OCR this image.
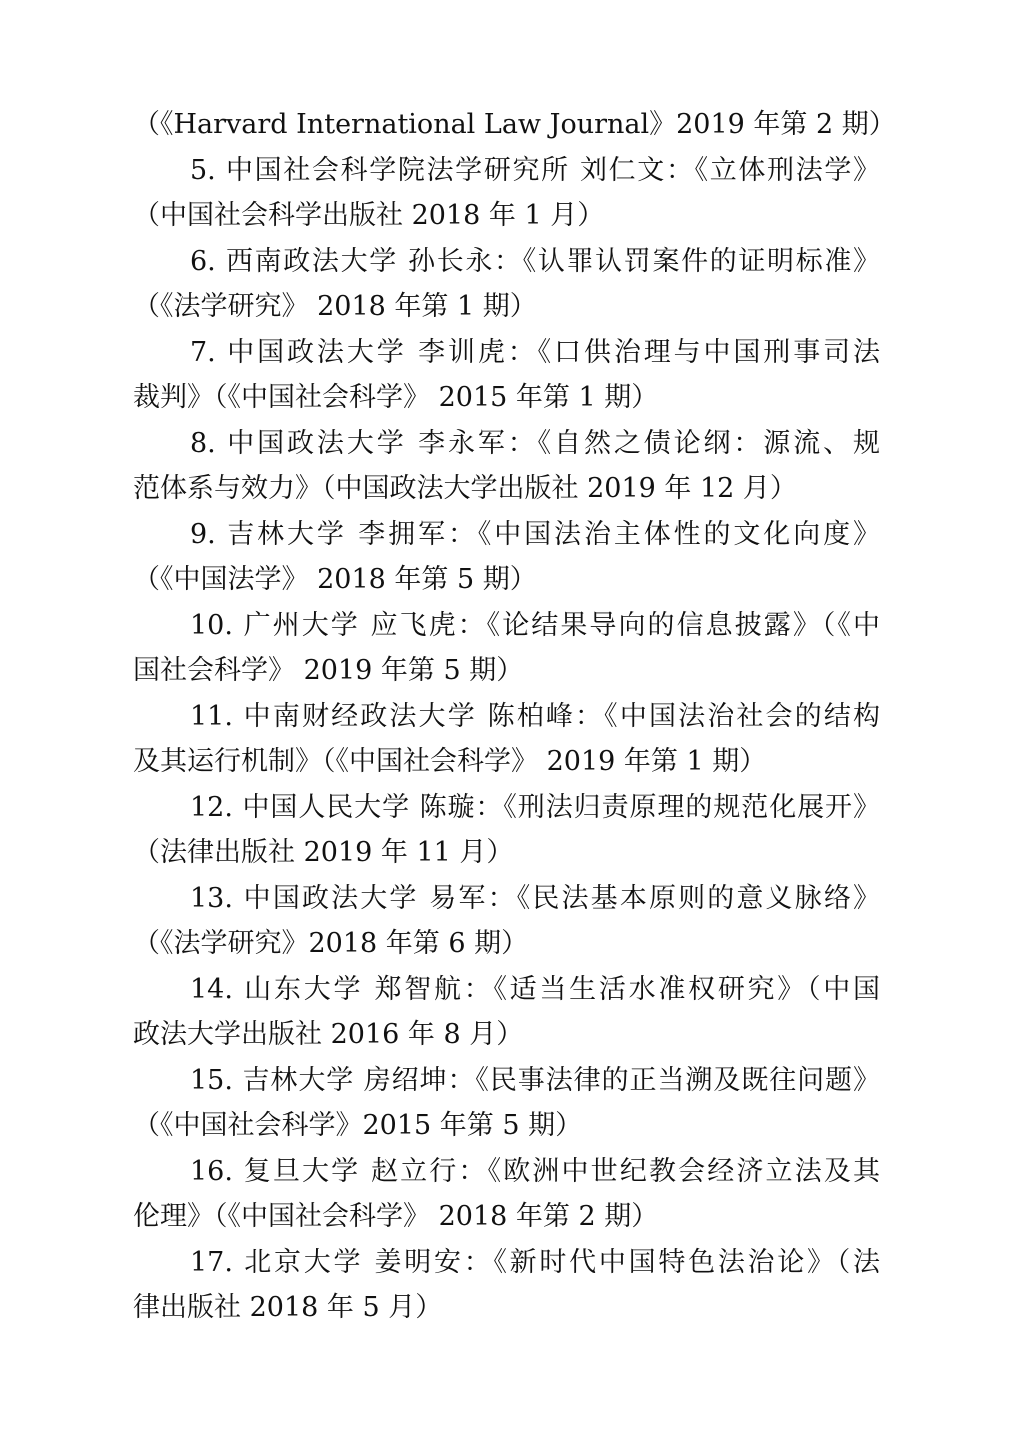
（《Harvard International Law Journal》2019 年第 2 期）
5. 中国社会科学院法学研究所 刘仁文：《立体刑法学》
（中国社会科学出版社 2018 年 1 月）
6. 西南政法大学 孙长永：《认罪认罚案件的证明标准》
（《法学研究》 2018 年第 1 期）
7. 中国政法大学 李训虎：《口供治理与中国刑事司法
裁判》（《中国社会科学》 2015 年第 1 期）
8. 中国政法大学 李永军：《自然之债论纲：源流、规
范体系与效力》（中国政法大学出版社 2019 年 12 月）
9. 吉林大学 李拥军：《中国法治主体性的文化向度》
（《中国法学》 2018 年第 5 期）
10. 广州大学 应飞虎：《论结果导向的信息披露》（《中
国社会科学》 2019 年第 5 期）
11. 中南财经政法大学 陈柏峰：《中国法治社会的结构
及其运行机制》（《中国社会科学》 2019 年第 1 期）
12. 中国人民大学 陈璇：《刑法归责原理的规范化展开》
（法律出版社 2019 年 11 月）
13. 中国政法大学 易军：《民法基本原则的意义脉络》
（《法学研究》2018 年第 6 期）
14. 山东大学 郑智航：《适当生活水准权研究》（中国
政法大学出版社 2016 年 8 月）
15. 吉林大学 房绍坤：《民事法律的正当溯及既往问题》
（《中国社会科学》2015 年第 5 期）
16. 复旦大学 赵立行：《欧洲中世纪教会经济立法及其
伦理》（《中国社会科学》 2018 年第 2 期）
17. 北京大学 姜明安：《新时代中国特色法治论》（法
律出版社 2018 年 5 月）
